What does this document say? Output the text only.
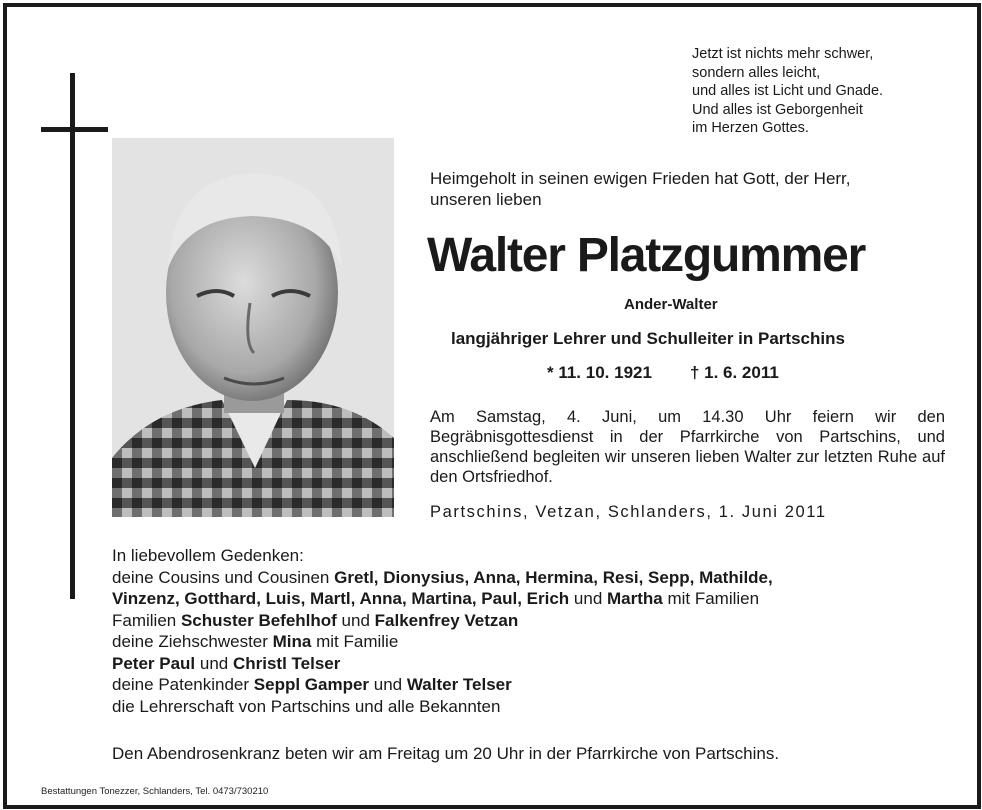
Jetzt ist nichts mehr schwer,
sondern alles leicht,
und alles ist Licht und Gnade.
Und alles ist Geborgenheit
im Herzen Gottes.
Heimgeholt in seinen ewigen Frieden hat Gott, der Herr,
unseren lieben
Walter Platzgummer
Ander-Walter
langjähriger Lehrer und Schulleiter in Partschins
* 11. 10. 1921 † 1. 6. 2011
Am Samstag, 4. Juni, um 14.30 Uhr feiern wir den Begräbnisgottesdienst in der Pfarrkirche von Partschins, und anschließend begleiten wir unseren lieben Walter zur letzten Ruhe auf den Ortsfriedhof.
Partschins, Vetzan, Schlanders, 1. Juni 2011
In liebevollem Gedenken:
deine Cousins und Cousinen Gretl, Dionysius, Anna, Hermina, Resi, Sepp, Mathilde,
Vinzenz, Gotthard, Luis, Martl, Anna, Martina, Paul, Erich und Martha mit Familien
Familien Schuster Befehlhof und Falkenfrey Vetzan
deine Ziehschwester Mina mit Familie
Peter Paul und Christl Telser
deine Patenkinder Seppl Gamper und Walter Telser
die Lehrerschaft von Partschins und alle Bekannten
Den Abendrosenkranz beten wir am Freitag um 20 Uhr in der Pfarrkirche von Partschins.
Bestattungen Tonezzer, Schlanders, Tel. 0473/730210
